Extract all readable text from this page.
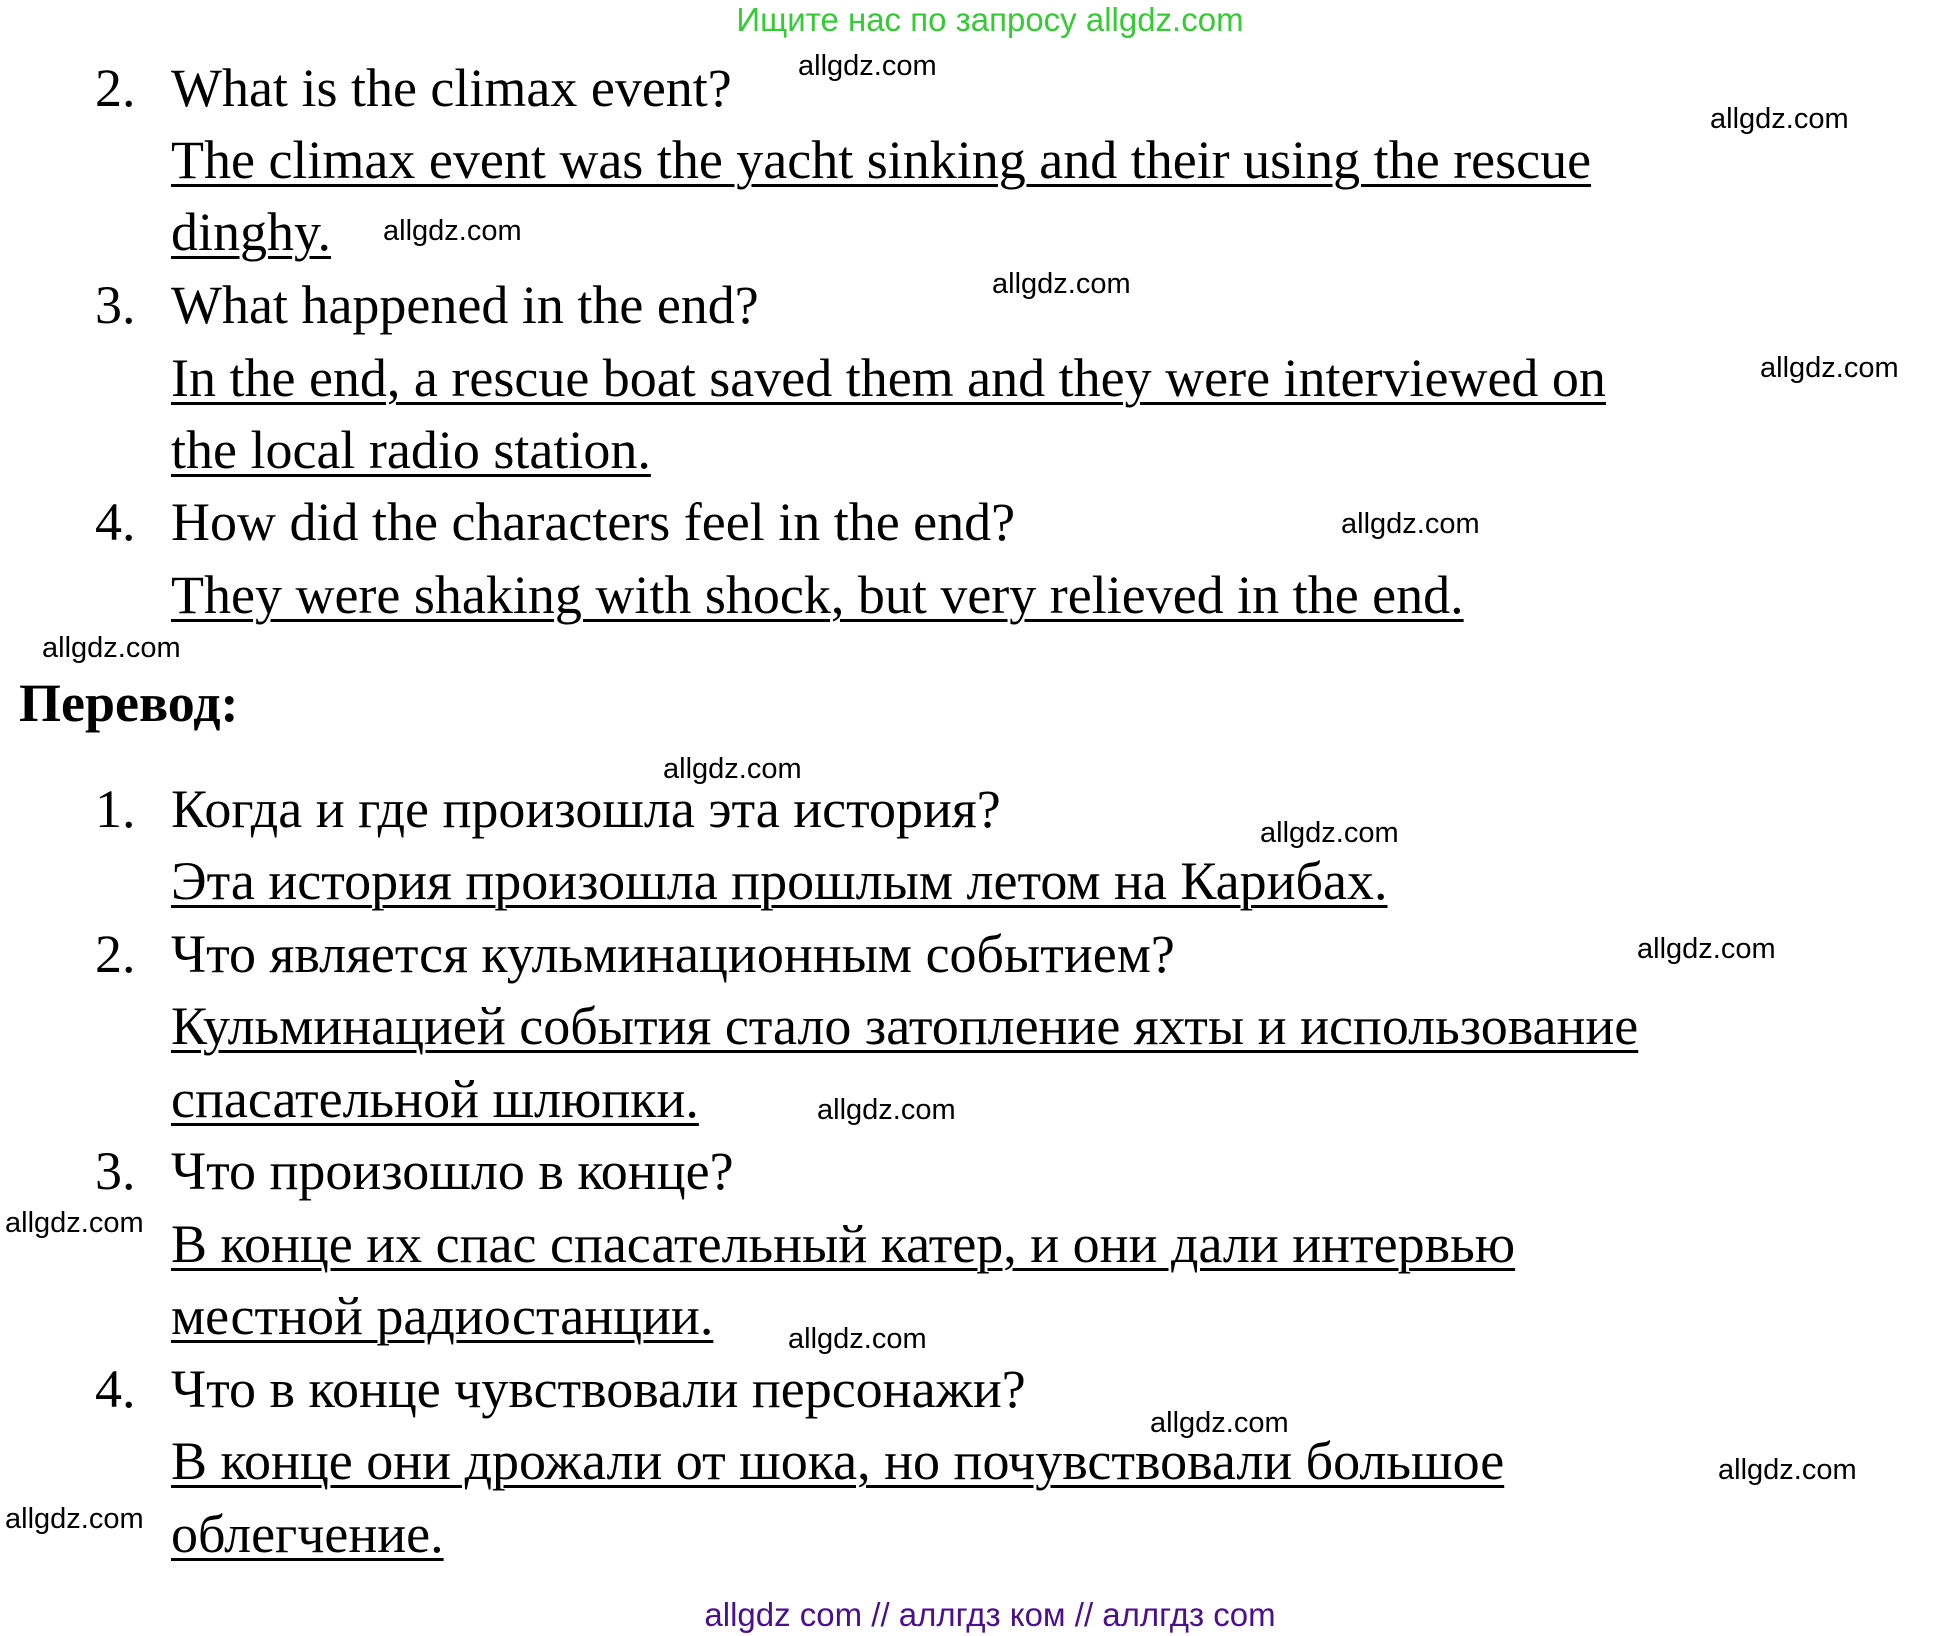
Ищите нас по запросу allgdz.com
2. What is the climax event?
The climax event was the yacht sinking and their using the rescue
dinghy.
3. What happened in the end?
In the end, a rescue boat saved them and they were interviewed on
the local radio station.
4. How did the characters feel in the end?
They were shaking with shock, but very relieved in the end.
Перевод:
1. Когда и где произошла эта история?
Эта история произошла прошлым летом на Карибах.
2. Что является кульминационным событием?
Кульминацией события стало затопление яхты и использование
спасательной шлюпки.
3. Что произошло в конце?
В конце их спас спасательный катер, и они дали интервью
местной радиостанции.
4. Что в конце чувствовали персонажи?
В конце они дрожали от шока, но почувствовали большое
облегчение.
allgdz.com
allgdz.com
allgdz.com
allgdz.com
allgdz.com
allgdz.com
allgdz.com
allgdz.com
allgdz.com
allgdz.com
allgdz.com
allgdz.com
allgdz.com
allgdz.com
allgdz.com
allgdz.com
allgdz com // аллгдз ком // аллгдз com
